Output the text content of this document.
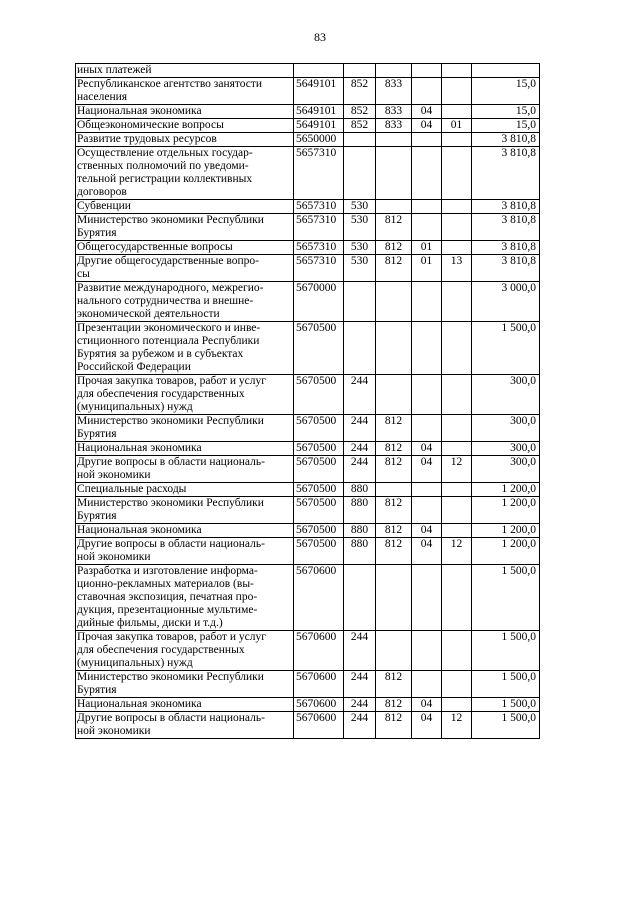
83
иных платежей						
Республиканское агентство занятости
населения	5649101	852	833			15,0
Национальная экономика	5649101	852	833	04		15,0
Общеэкономические вопросы	5649101	852	833	04	01	15,0
Развитие трудовых ресурсов	5650000					3 810,8
Осуществление отдельных государ-
ственных полномочий по уведоми-
тельной регистрации коллективных
договоров	5657310					3 810,8
Субвенции	5657310	530				3 810,8
Министерство экономики Республики
Бурятия	5657310	530	812			3 810,8
Общегосударственные вопросы	5657310	530	812	01		3 810,8
Другие общегосударственные вопро-
сы	5657310	530	812	01	13	3 810,8
Развитие международного, межрегио-
нального сотрудничества и внешне-
экономической деятельности	5670000					3 000,0
Презентации экономического и инве-
стиционного потенциала Республики
Бурятия за рубежом и в субъектах
Российской Федерации	5670500					1 500,0
Прочая закупка товаров, работ и услуг
для обеспечения государственных
(муниципальных) нужд	5670500	244				300,0
Министерство экономики Республики
Бурятия	5670500	244	812			300,0
Национальная экономика	5670500	244	812	04		300,0
Другие вопросы в области националь-
ной экономики	5670500	244	812	04	12	300,0
Специальные расходы	5670500	880				1 200,0
Министерство экономики Республики
Бурятия	5670500	880	812			1 200,0
Национальная экономика	5670500	880	812	04		1 200,0
Другие вопросы в области националь-
ной экономики	5670500	880	812	04	12	1 200,0
Разработка и изготовление информа-
ционно-рекламных материалов (вы-
ставочная экспозиция, печатная про-
дукция, презентационные мультиме-
дийные фильмы, диски и т.д.)	5670600					1 500,0
Прочая закупка товаров, работ и услуг
для обеспечения государственных
(муниципальных) нужд	5670600	244				1 500,0
Министерство экономики Республики
Бурятия	5670600	244	812			1 500,0
Национальная экономика	5670600	244	812	04		1 500,0
Другие вопросы в области националь-
ной экономики	5670600	244	812	04	12	1 500,0
